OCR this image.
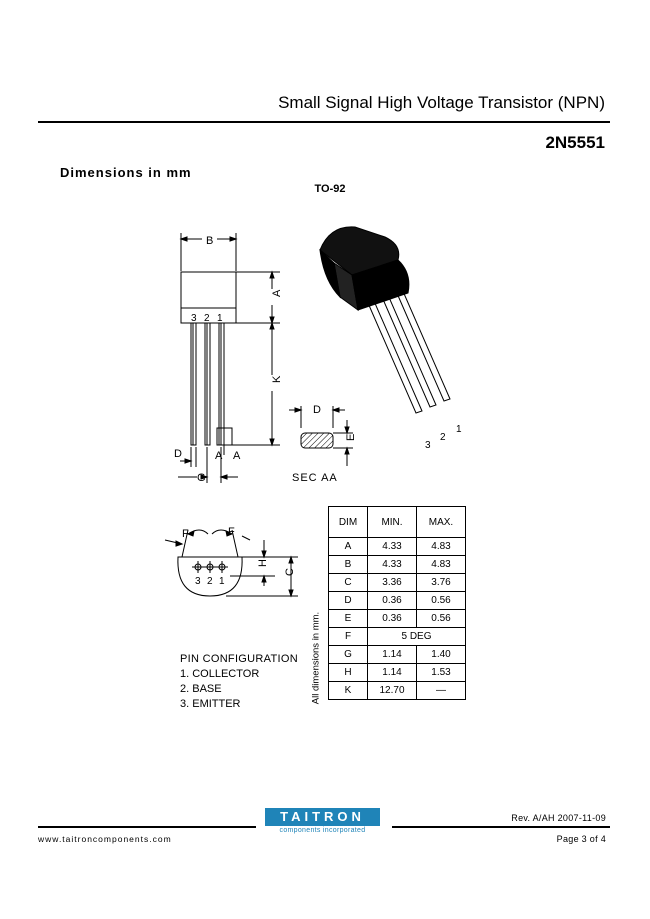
Small Signal High Voltage Transistor (NPN)
2N5551
Dimensions in mm
TO-92
B
A
K
3 2 1
D
G
A A
D
E
SEC AA
3
2
1
F	F
3 2 1
H
C
DIM	MIN.	MAX.
A	4.33	4.83
B	4.33	4.83
C	3.36	3.76
D	0.36	0.56
E	0.36	0.56
F	5 DEG	
G	1.14	1.40
H	1.14	1.53
K	12.70	—
All dimensions in mm.
PIN CONFIGURATION
1. COLLECTOR
2. BASE
3. EMITTER
Rev. A/AH 2007-11-09
TAITRON
components incorporated
www.taitroncomponents.com	Page 3 of 4
